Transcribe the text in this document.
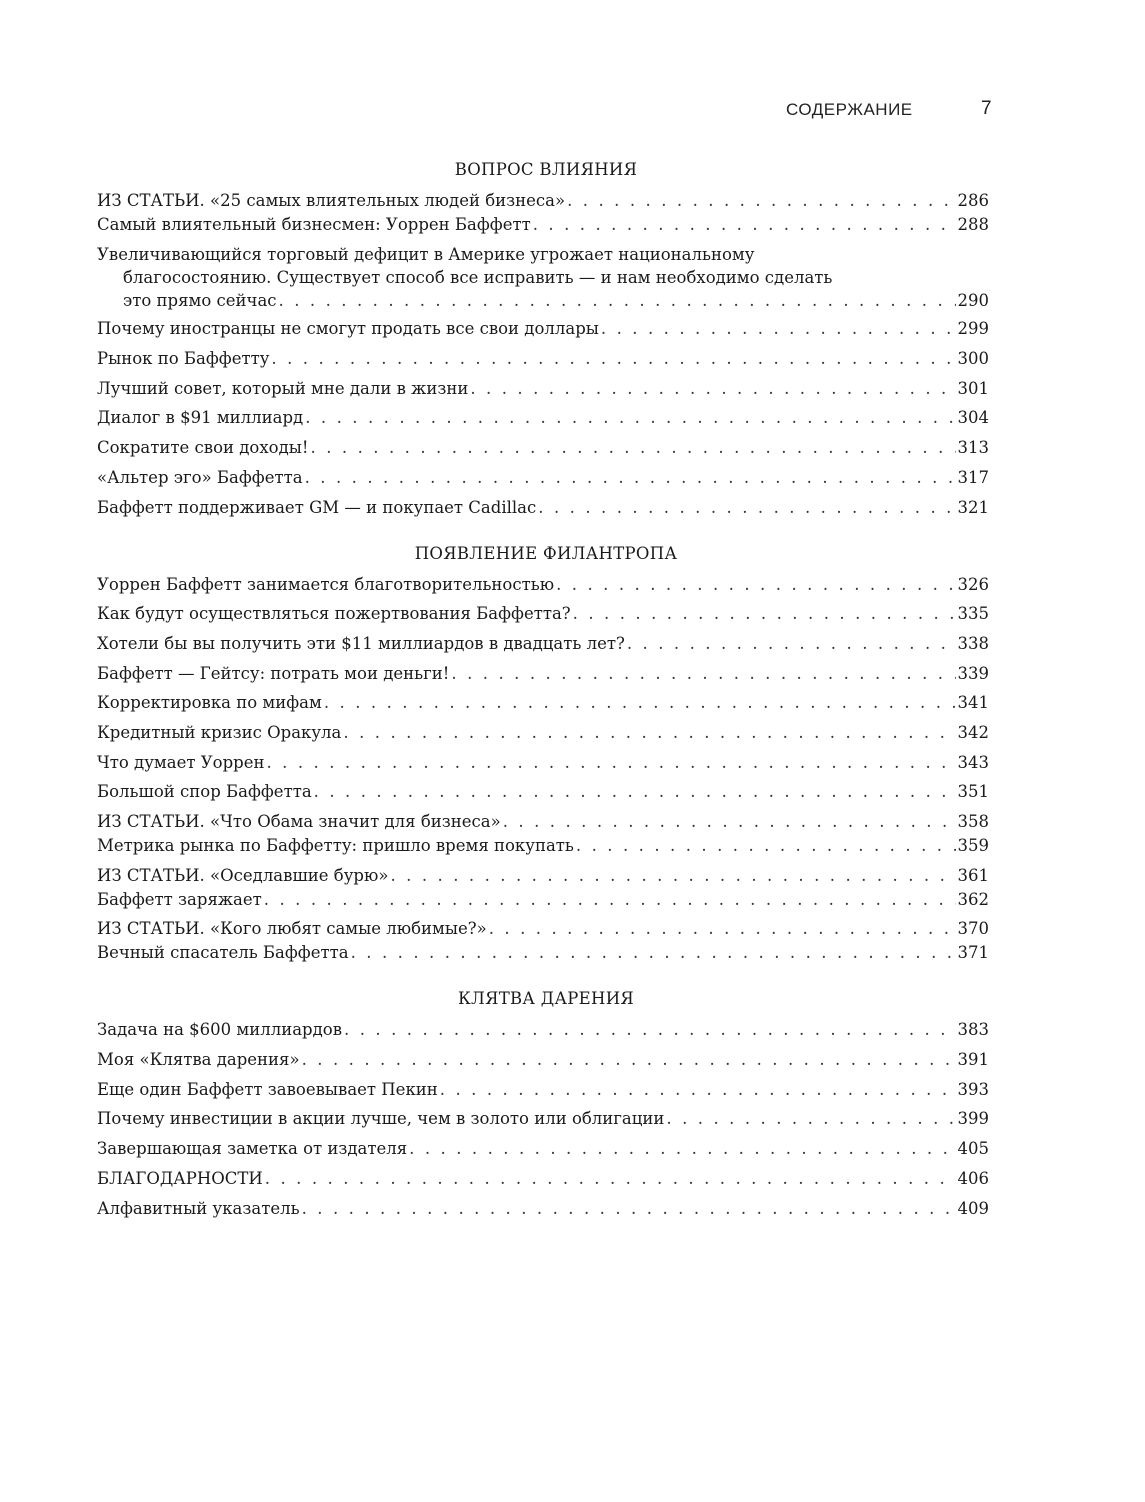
СОДЕРЖАНИЕ	7
ВОПРОС ВЛИЯНИЯ
ИЗ СТАТЬИ. «25 самых влиятельных людей бизнеса» . . .	286
Самый влиятельный бизнесмен: Уоррен Баффетт . . .	288
Увеличивающийся торговый дефицит в Америке угрожает национальному
благосостоянию. Существует способ все исправить — и нам необходимо сделать
это прямо сейчас . . .	290
Почему иностранцы не смогут продать все свои доллары . . .	299
Рынок по Баффетту . . .	300
Лучший совет, который мне дали в жизни . . .	301
Диалог в $91 миллиард . . .	304
Сократите свои доходы! . . .	313
«Альтер эго» Баффетта . . .	317
Баффетт поддерживает GM — и покупает Cadillac . . .	321
ПОЯВЛЕНИЕ ФИЛАНТРОПА
Уоррен Баффетт занимается благотворительностью . . .	326
Как будут осуществляться пожертвования Баффетта? . . .	335
Хотели бы вы получить эти $11 миллиардов в двадцать лет? . . .	338
Баффетт — Гейтсу: потрать мои деньги! . . .	339
Корректировка по мифам . . .	341
Кредитный кризис Оракула . . .	342
Что думает Уоррен . . .	343
Большой спор Баффетта . . .	351
ИЗ СТАТЬИ. «Что Обама значит для бизнеса» . . .	358
Метрика рынка по Баффетту: пришло время покупать . . .	359
ИЗ СТАТЬИ. «Оседлавшие бурю» . . .	361
Баффетт заряжает . . .	362
ИЗ СТАТЬИ. «Кого любят самые любимые?» . . .	370
Вечный спасатель Баффетта . . .	371
КЛЯТВА ДАРЕНИЯ
Задача на $600 миллиардов . . .	383
Моя «Клятва дарения» . . .	391
Еще один Баффетт завоевывает Пекин . . .	393
Почему инвестиции в акции лучше, чем в золото или облигации . . .	399
Завершающая заметка от издателя . . .	405
БЛАГОДАРНОСТИ . . .	406
Алфавитный указатель . . .	409
